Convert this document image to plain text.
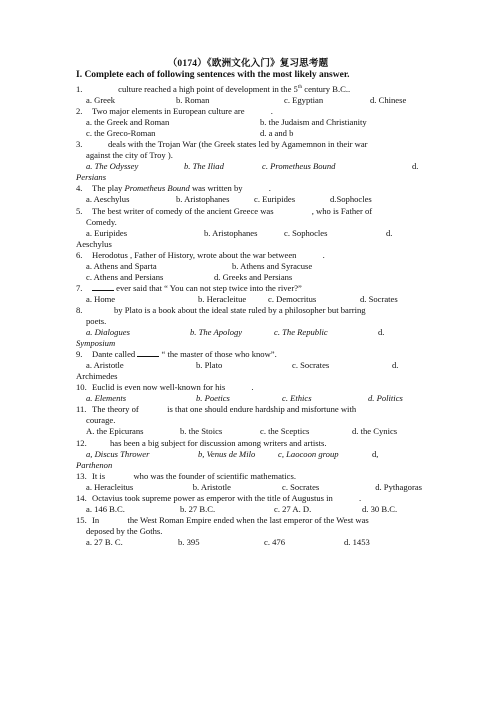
（0174）《欧洲文化入门》复习思考题
I. Complete each of following sentences with the most likely answer.
1.	culture reached a high point of development in the 5th century B.C..
a. Greek	b. Roman	c. Egyptian	d. Chinese
2.	Two major elements in European culture are	.
a. the Greek and Roman	b. the Judaism and Christianity
c. the Greco-Roman	d. a and b
3.	deals with the Trojan War (the Greek states led by Agamemnon in their war
against the city of Troy ).
a. The Odyssey	b. The Iliad	c. Prometheus Bound	d.
Persians
4.	The play Prometheus Bound was written by	.
a. Aeschylus	b. Aristophanes	c. Euripides	d.Sophocles
5.	The best writer of comedy of the ancient Greece was	, who is Father of
Comedy.
a. Euripides	b. Aristophanes	c. Sophocles	d.
Aeschylus
6.	Herodotus , Father of History, wrote about the war between	.
a. Athens and Sparta	b. Athens and Syracuse
c. Athens and Persians	d. Greeks and Persians
7.	ever said that “ You can not step twice into the river?”
a. Home	b. Heracleitue	c. Democritus	d. Socrates
8.	by Plato is a book about the ideal state ruled by a philosopher but barring
poets.
a. Dialogues	b. The Apology	c. The Republic	d.
Symposium
9.	Dante called	“ the master of those who know”.
a. Aristotle	b. Plato	c. Socrates	d.
Archimedes
10. Euclid is even now well-known for his	.
a. Elements	b. Poetics	c. Ethics	d. Politics
11. The theory of	is that one should endure hardship and misfortune with
courage.
A. the Epicurans	b. the Stoics	c. the Sceptics	d. the Cynics
12.	has been a big subject for discussion among writers and artists.
a, Discus Thrower	b, Venus de Milo	c, Laocoon group	d,
Parthenon
13. It is	who was the founder of scientific mathematics.
a. Heracleitus	b. Aristotle	c. Socrates	d. Pythagoras
14. Octavius took supreme power as emperor with the title of Augustus in	.
a. 146 B.C.	b. 27 B.C.	c. 27 A. D.	d. 30 B.C.
15. In	the West Roman Empire ended when the last emperor of the West was
deposed by the Goths.
a. 27 B. C.	b. 395	c. 476	d. 1453
